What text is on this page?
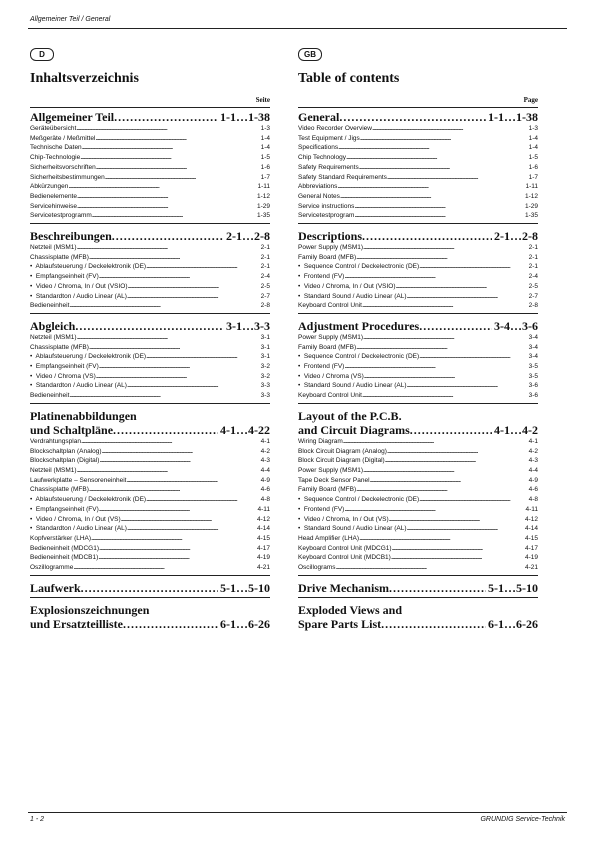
Allgemeiner Teil / General
D
Inhaltsverzeichnis
Seite
Allgemeiner Teil . . .	1-1…1-38
Geräteübersicht . . .	1-3
Meßgeräte / Meßmittel . . .	1-4
Technische Daten . . .	1-4
Chip-Technologie . . .	1-5
Sicherheitsvorschriften . . .	1-6
Sicherheitsbestimmungen . . .	1-7
Abkürzungen . . .	1-11
Bedienelemente . . .	1-12
Servicehinweise . . .	1-29
Servicetestprogramm . . .	1-35
Beschreibungen . . .	2-1…2-8
Netzteil (MSM1) . . .	2-1
Chassisplatte (MFB) . . .	2-1
•  Ablaufsteuerung / Deckelektronik (DE) . . .	2-1
•  Empfangseinheit (FV) . . .	2-4
•  Video / Chroma, In / Out (VSIO) . . .	2-5
•  Standardton / Audio Linear (AL) . . .	2-7
Bedieneinheit . . .	2-8
Abgleich . . .	3-1…3-3
Netzteil (MSM1) . . .	3-1
Chassisplatte (MFB) . . .	3-1
•  Ablaufsteuerung / Deckelektronik (DE) . . .	3-1
•  Empfangseinheit (FV) . . .	3-2
•  Video / Chroma (VS) . . .	3-2
•  Standardton / Audio Linear (AL) . . .	3-3
Bedieneinheit . . .	3-3
Platinenabbildungen
und Schaltpläne . . .	4-1…4-22
Verdrahtungsplan . . .	4-1
Blockschaltplan (Analog) . . .	4-2
Blockschaltplan (Digital) . . .	4-3
Netzteil (MSM1) . . .	4-4
Laufwerkplatte – Sensoreneinheit . . .	4-9
Chassisplatte (MFB) . . .	4-6
•  Ablaufsteuerung / Deckelektronik (DE) . . .	4-8
•  Empfangseinheit (FV) . . .	4-11
•  Video / Chroma, In / Out (VS) . . .	4-12
•  Standardton / Audio Linear (AL) . . .	4-14
Kopfverstärker (LHA) . . .	4-15
Bedieneinheit (MDCG1) . . .	4-17
Bedieneinheit (MDCB1) . . .	4-19
Oszillogramme . . .	4-21
Laufwerk . . .	5-1…5-10
Explosionszeichnungen
und Ersatzteilliste . . .	6-1…6-26
GB
Table of contents
Page
General . . .	1-1…1-38
Video Recorder Overview . . .	1-3
Test Equipment / Jigs . . .	1-4
Specifications . . .	1-4
Chip Technology . . .	1-5
Safety Requirements . . .	1-6
Safety Standard Requirements . . .	1-7
Abbreviations . . .	1-11
General Notes . . .	1-12
Service instructions . . .	1-29
Servicetestprogram . . .	1-35
Descriptions . . .	2-1…2-8
Power Supply (MSM1) . . .	2-1
Family Board (MFB) . . .	2-1
•  Sequence Control / Deckelectronic (DE) . . .	2-1
•  Frontend (FV) . . .	2-4
•  Video / Chroma, In / Out (VSIO) . . .	2-5
•  Standard Sound / Audio Linear (AL) . . .	2-7
Keyboard Control Unit . . .	2-8
Adjustment Procedures . . .	3-4…3-6
Power Supply (MSM1) . . .	3-4
Family Board (MFB) . . .	3-4
•  Sequence Control / Deckelectronic (DE) . . .	3-4
•  Frontend (FV) . . .	3-5
•  Video / Chroma (VS) . . .	3-5
•  Standard Sound / Audio Linear (AL) . . .	3-6
Keyboard Control Unit . . .	3-6
Layout of the P.C.B.
and Circuit Diagrams . . .	4-1…4-2
Wiring Diagram . . .	4-1
Block Circuit Diagram (Analog) . . .	4-2
Block Circuit Diagram (Digital) . . .	4-3
Power Supply (MSM1) . . .	4-4
Tape Deck Sensor Panel . . .	4-9
Family Board (MFB) . . .	4-6
•  Sequence Control / Deckelectronic (DE) . . .	4-8
•  Frontend (FV) . . .	4-11
•  Video / Chroma, In / Out (VS) . . .	4-12
•  Standard Sound / Audio Linear (AL) . . .	4-14
Head Amplifier (LHA) . . .	4-15
Keyboard Control Unit (MDCG1) . . .	4-17
Keyboard Control Unit (MDCB1) . . .	4-19
Oscillograms . . .	4-21
Drive Mechanism . . .	5-1…5-10
Exploded Views and
Spare Parts List . . .	6-1…6-26
1 - 2	GRUNDIG Service-Technik
